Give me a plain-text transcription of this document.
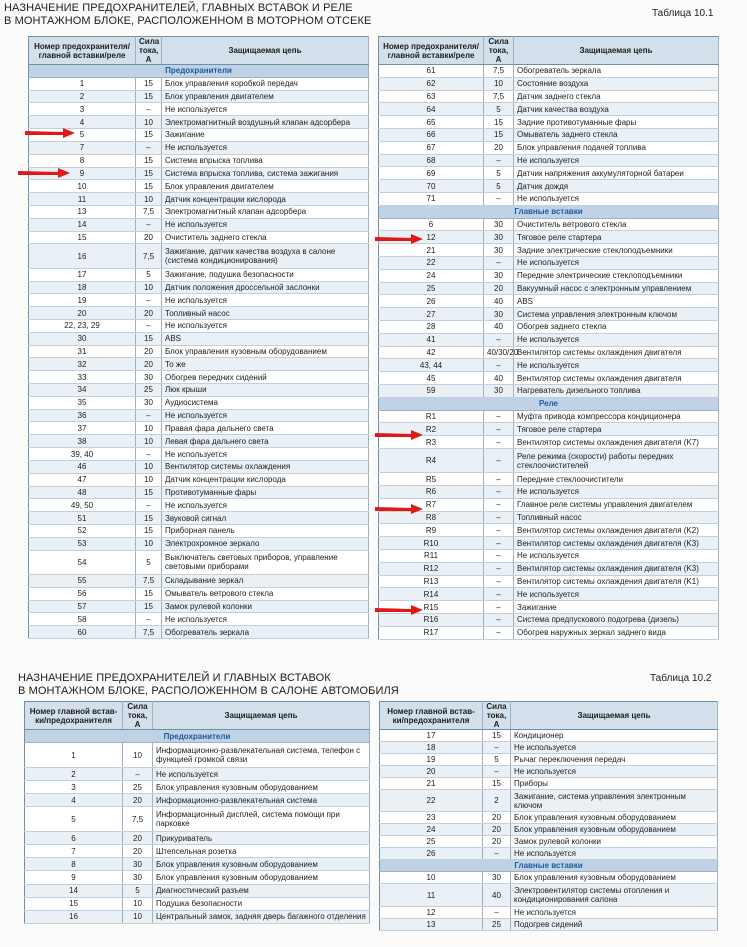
НАЗНАЧЕНИЕ ПРЕДОХРАНИТЕЛЕЙ, ГЛАВНЫХ ВСТАВОК И РЕЛЕ
В МОНТАЖНОМ БЛОКЕ, РАСПОЛОЖЕННОМ В МОТОРНОМ ОТСЕКЕ
Таблица 10.1
Номер предохранителя/ главной вставки/реле	Сила тока, А	Защищаемая цепь
Предохранители		
1	15	Блок управления коробкой передач
2	15	Блок управления двигателем
3	–	Не используется
4	10	Электромагнитный воздушный клапан адсорбера
5	15	Зажигание
7	–	Не используется
8	15	Система впрыска топлива
9	15	Система впрыска топлива, система зажигания
10	15	Блок управления двигателем
11	10	Датчик концентрации кислорода
13	7,5	Электромагнитный клапан адсорбера
14	–	Не используется
15	20	Очиститель заднего стекла
16	7,5	Зажигание, датчик качества воздуха в салоне (система кондиционирования)
17	5	Зажигание, подушка безопасности
18	10	Датчик положения дроссельной заслонки
19	–	Не используется
20	20	Топливный насос
22, 23, 29	–	Не используется
30	15	ABS
31	20	Блок управления кузовным оборудованием
32	20	То же
33	30	Обогрев передних сидений
34	25	Люк крыши
35	30	Аудиосистема
36	–	Не используется
37	10	Правая фара дальнего света
38	10	Левая фара дальнего света
39, 40	–	Не используется
46	10	Вентилятор системы охлаждения
47	10	Датчик концентрации кислорода
48	15	Противотуманные фары
49, 50	–	Не используется
51	15	Звуковой сигнал
52	15	Приборная панель
53	10	Электрохромное зеркало
54	5	Выключатель световых приборов, управление световыми приборами
55	7,5	Складывание зеркал
56	15	Омыватель ветрового стекла
57	15	Замок рулевой колонки
58	–	Не используется
60	7,5	Обогреватель зеркала
Номер предохранителя/ главной вставки/реле	Сила тока, А	Защищаемая цепь
61	7,5	Обогреватель зеркала
62	10	Состояние воздуха
63	7,5	Датчик заднего стекла
64	5	Датчик качества воздуха
65	15	Задние противотуманные фары
66	15	Омыватель заднего стекла
67	20	Блок управления подачей топлива
68	–	Не используется
69	5	Датчик напряжения аккумуляторной батареи
70	5	Датчик дождя
71	–	Не используется
Главные вставки		
6	30	Очиститель ветрового стекла
12	30	Тяговое реле стартера
21	30	Задние электрические стеклоподъемники
22	–	Не используется
24	30	Передние электрические стеклоподъемники
25	20	Вакуумный насос с электронным управлением
26	40	ABS
27	30	Система управления электронным ключом
28	40	Обогрев заднего стекла
41	–	Не используется
42	40/30/20	Вентилятор системы охлаждения двигателя
43, 44	–	Не используется
45	40	Вентилятор системы охлаждения двигателя
59	30	Нагреватель дизельного топлива
Реле		
R1	–	Муфта привода компрессора кондиционера
R2	–	Тяговое реле стартера
R3	–	Вентилятор системы охлаждения двигателя (K7)
R4	–	Реле режима (скорости) работы передних стеклоочистителей
R5	–	Передние стеклоочистители
R6	–	Не используется
R7	–	Главное реле системы управления двигателем
R8	–	Топливный насос
R9	–	Вентилятор системы охлаждения двигателя (K2)
R10	–	Вентилятор системы охлаждения двигателя (K3)
R11	–	Не используется
R12	–	Вентилятор системы охлаждения двигателя (K3)
R13	–	Вентилятор системы охлаждения двигателя (K1)
R14	–	Не используется
R15	–	Зажигание
R16	–	Система предпускового подогрева (дизель)
R17	–	Обогрев наружных зеркал заднего вида
НАЗНАЧЕНИЕ ПРЕДОХРАНИТЕЛЕЙ И ГЛАВНЫХ ВСТАВОК
В МОНТАЖНОМ БЛОКЕ, РАСПОЛОЖЕННОМ В САЛОНЕ АВТОМОБИЛЯ
Таблица 10.2
Номер главной встав- ки/предохранителя	Сила тока, А	Защищаемая цепь
Предохранители		
1	10	Информационно-развлекательная система, телефон с функцией громкой связи
2	–	Не используется
3	25	Блок управления кузовным оборудованием
4	20	Информационно-развлекательная система
5	7,5	Информационный дисплей, система помощи при парковке
6	20	Прикуриватель
7	20	Штепсельная розетка
8	30	Блок управления кузовным оборудованием
9	30	Блок управления кузовным оборудованием
14	5	Диагностический разъем
15	10	Подушка безопасности
16	10	Центральный замок, задняя дверь багажного отделения
Номер главной встав- ки/предохранителя	Сила тока, А	Защищаемая цепь
17	15	Кондиционер
18	–	Не используется
19	5	Рычаг переключения передач
20	–	Не используется
21	15	Приборы
22	2	Зажигание, система управления электронным ключом
23	20	Блок управления кузовным оборудованием
24	20	Блок управления кузовным оборудованием
25	20	Замок рулевой колонки
26	–	Не используется
Главные вставки		
10	30	Блок управления кузовным оборудованием
11	40	Электровентилятор системы отопления и кондиционирования салона
12	–	Не используется
13	25	Подогрев сидений
